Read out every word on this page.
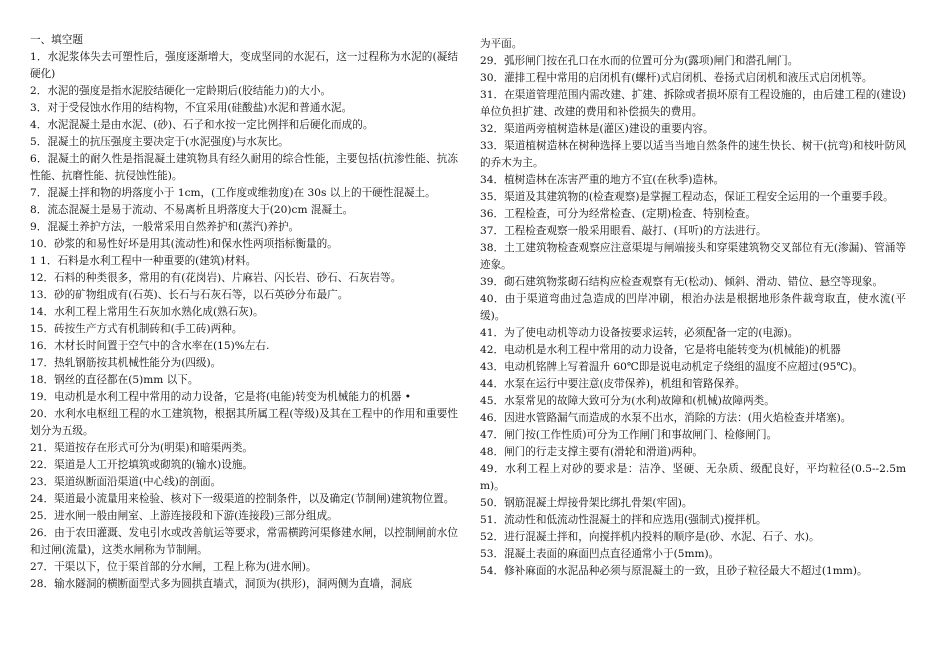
一、填空题

1．水泥浆体失去可塑性后，强度逐渐增大，变成坚同的水泥石，这一过程称为水泥的(凝结硬化)

2．水泥的强度是指水泥胶结硬化一定龄期后(胶结能力)的大小。

3．对于受侵蚀水作用的结构物，不宜采用(硅酸盐)水泥和普通水泥。

4．水泥混凝土是由水泥、(砂)、石子和水按一定比例拌和后硬化而成的。

5．混凝土的抗压强度主要决定于(水泥强度)与水灰比。

6．混凝土的耐久性是指混凝土建筑物具有经久耐用的综合性能，主要包括(抗渗性能、抗冻性能、抗磨性能、抗侵蚀性能)。

7．混凝土拌和物的坍落度小于 1cm，(工作度或维勃度)在 30s 以上的干硬性混凝土。

8．流态混凝土是易于流动、不易离析且坍落度大于(20)cm 混凝土。

9．混凝土养护方法，一般常采用自然养护和(蒸汽)养护。

10．砂浆的和易性好坏是用其(流动性)和保水性两项指标衡量的。

1 1．石料是水利工程中一种重要的(建筑)材料。

12．石料的种类很多，常用的有(花岗岩)、片麻岩、闪长岩、砂石、石灰岩等。

13．砂的矿物组成有(石英)、长石与石灰石等，以石英砂分布最广。

14．水利工程上常用生石灰加水熟化成(熟石灰)。

15．砖按生产方式有机制砖和(手工砖)两种。

16．木材长时间置于空气中的含水率在(15)%左右.

17．热轧钢筋按其机械性能分为(四级)。

18．钢丝的直径都在(5)mm 以下。

19．电动机是水利工程中常用的动力设备，它是将(电能)转变为机械能力的机器 •

20．水利水电枢纽工程的水工建筑物，根据其所属工程(等级)及其在工程中的作用和重要性划分为五级。

21．渠道按存在形式可分为(明渠)和暗渠两类。

22．渠道是人工开挖填筑或砌筑的(输水)设施。

23．渠道纵断面沿渠道(中心线)的剖面。

24．渠道最小流量用来检验、核对下一级渠道的控制条件，以及确定(节制闸)建筑物位置。

25．进水闸一般由闸室、上游连接段和下游(连接段)三部分组成。

26．由于农田灌溉、发电引水或改善航运等要求，常需横跨河渠修建水闸，以控制闸前水位和过闸(流量)，这类水闸称为节制闸。

27．干渠以下，位于渠首部的分水闸，工程上称为(进水闸)。

28．输水隧洞的横断面型式多为圆拱直墙式，洞顶为(拱形)，洞两侧为直墙，洞底

为平面。

29．弧形闸门按在孔口在水而的位置可分为(露项)闸门和潜孔闸门。

30．灌排工程中常用的启闭机有(螺杆)式启闭机、卷扬式启闭机和液压式启闭机等。

31．在渠道管理范围内需改建、扩建、拆除或者损坏原有工程设施的，由后建工程的(建设)单位负担扩建、改建的费用和补偿损失的费用。

32．渠道两旁植树造林是(灌区)建设的重要内容。

33．渠道植树造林在树种选择上要以适当当地自然条件的速生快长、树干(抗弯)和枝叶防风的乔木为主。

34．植树造林在冻害严重的地方不宜(在秋季)造林。

35．渠道及其建筑物的(检查观察)是掌握工程动态，保证工程安全运用的一个重要手段。

36．工程检查，可分为经常检查、(定期)检查、特别检查。

37．工程检查观察一般采用眼看、敲打、(耳听)的方法进行。

38．土工建筑物检查观察应注意渠堤与闸端接头和穿渠建筑物交叉部位有无(渗漏)、管涌等迹象。

39．砌石建筑物浆砌石结构应检查观察有无(松动)、倾斜、滑动、错位、悬空等现象。

40．由于渠道弯曲过急造成的凹岸冲刷，根治办法是根据地形条件裁弯取直，使水流(平缓)。

41．为了使电动机等动力设备按要求运转，必须配备一定的(电源)。

42．电动机是水利工程中常用的动力设备，它是将电能转变为(机械能)的机器

43．电动机铭牌上写着温升 60℃即是说电动机定子绕组的温度不应超过(95℃)。

44．水泵在运行中要注意(皮带保养)，机组和管路保养。

45．水泵常见的故障大致可分为(水利)故障和(机械)故障两类。

46．因进水管路漏气而造成的水泵不出水，消除的方法：(用火焰检查并堵塞)。

47．闸门按(工作性质)可分为工作闸门和事故闸门、检修闸门。

48．闸门的行走支撑主要有(滑轮和滑道)两种。

49．水利工程上对砂的要求是：洁净、坚硬、无杂质、级配良好，平均粒径(0.5--2.5mm)。

50．钢筋混凝土焊接骨架比绑扎骨架(牢固)。

51．流动性和低流动性混凝土的拌和应选用(强制式)搅拌机。

52．进行混凝土拌和，向搅拌机内投料的顺序是(砂、水泥、石子、水)。

53．混凝土表面的麻面凹点直径通常小于(5mm)。

54．修补麻面的水泥品种必须与原混凝土的一致，且砂子粒径最大不超过(1mm)。
